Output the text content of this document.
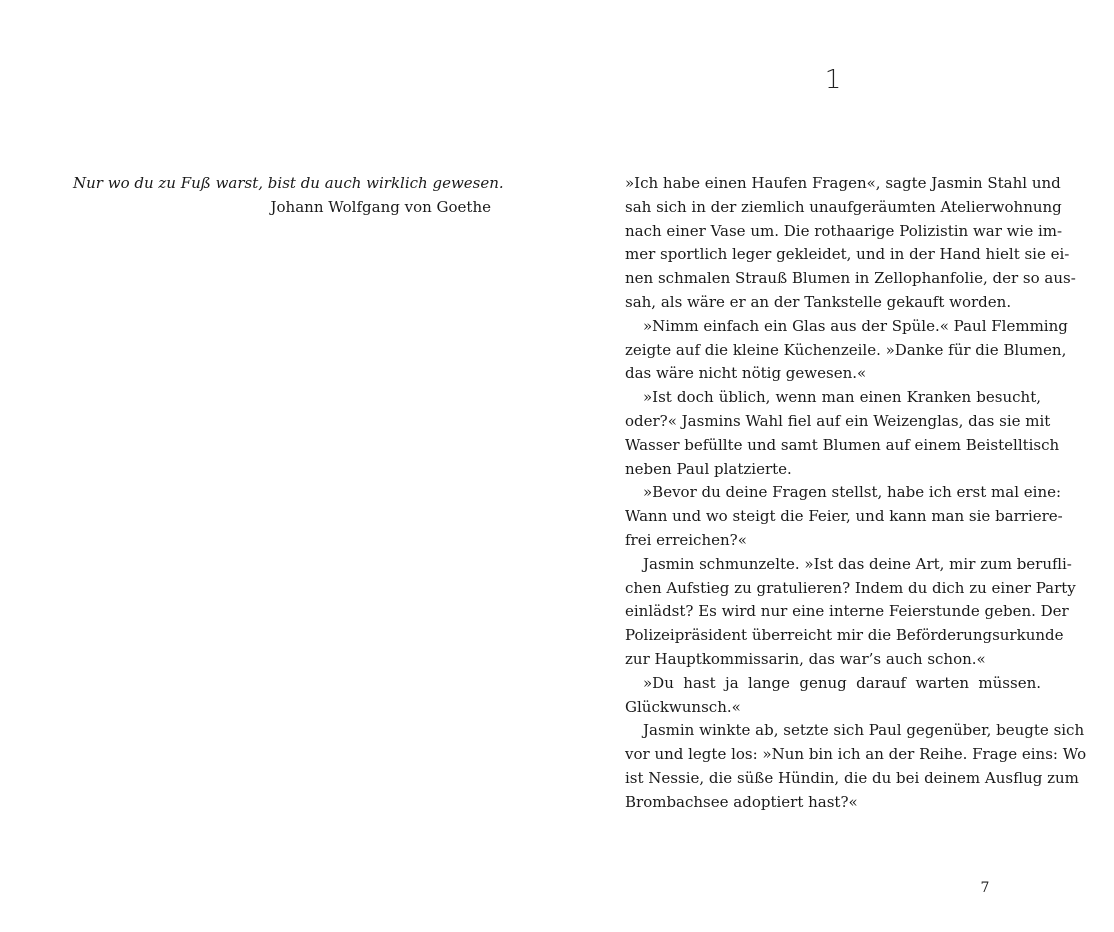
Nur wo du zu Fuß warst, bist du auch wirklich gewesen.
Johann Wolfgang von Goethe
1
»Ich habe einen Haufen Fragen«, sagte Jasmin Stahl und
sah sich in der ziemlich unaufgeräumten Atelierwohnung
nach einer Vase um. Die rothaarige Polizistin war wie im-
mer sportlich leger gekleidet, und in der Hand hielt sie ei-
nen schmalen Strauß Blumen in Zellophanfolie, der so aus-
sah, als wäre er an der Tankstelle gekauft worden.
»Nimm einfach ein Glas aus der Spüle.« Paul Flemming
zeigte auf die kleine Küchenzeile. »Danke für die Blumen,
das wäre nicht nötig gewesen.«
»Ist doch üblich, wenn man einen Kranken besucht,
oder?« Jasmins Wahl fiel auf ein Weizenglas, das sie mit
Wasser befüllte und samt Blumen auf einem Beistelltisch
neben Paul platzierte.
»Bevor du deine Fragen stellst, habe ich erst mal eine:
Wann und wo steigt die Feier, und kann man sie barriere-
frei erreichen?«
Jasmin schmunzelte. »Ist das deine Art, mir zum berufli-
chen Aufstieg zu gratulieren? Indem du dich zu einer Party
einlädst? Es wird nur eine interne Feierstunde geben. Der
Polizeipräsident überreicht mir die Beförderungsurkunde
zur Hauptkommissarin, das war’s auch schon.«
»Du hast ja lange genug darauf warten müssen.
Glückwunsch.«
Jasmin winkte ab, setzte sich Paul gegenüber, beugte sich
vor und legte los: »Nun bin ich an der Reihe. Frage eins: Wo
ist Nessie, die süße Hündin, die du bei deinem Ausflug zum
Brombachsee adoptiert hast?«
7
